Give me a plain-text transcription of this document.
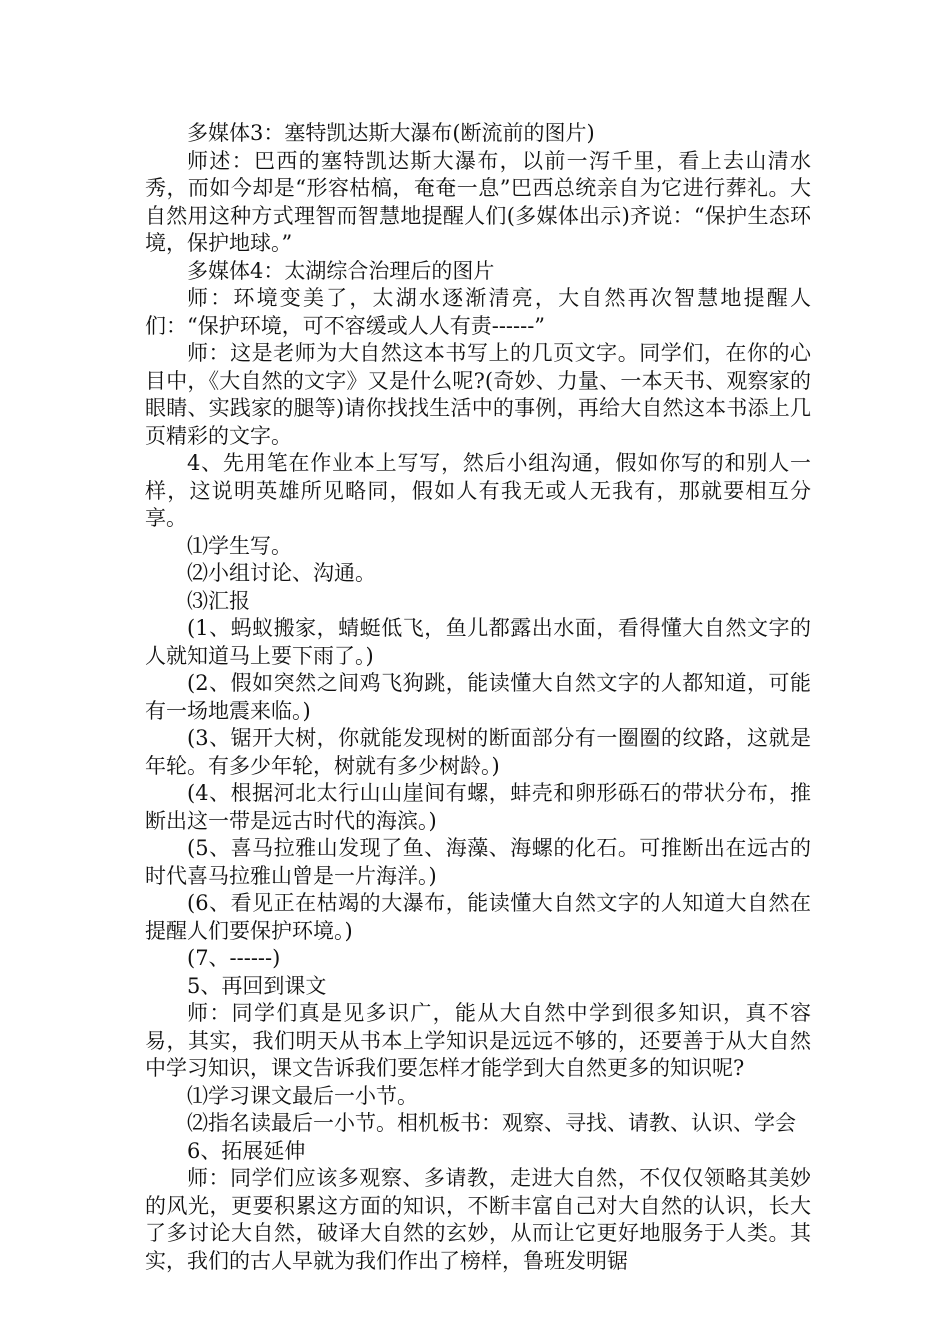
多媒体3：塞特凯达斯大瀑布(断流前的图片)

师述：巴西的塞特凯达斯大瀑布，以前一泻千里，看上去山清水秀，而如今却是“形容枯槁，奄奄一息”巴西总统亲自为它进行葬礼。大自然用这种方式理智而智慧地提醒人们(多媒体出示)齐说：“保护生态环境，保护地球。”

多媒体4：太湖综合治理后的图片

师：环境变美了，太湖水逐渐清亮，大自然再次智慧地提醒人们：“保护环境，可不容缓或人人有责------”

师：这是老师为大自然这本书写上的几页文字。同学们，在你的心目中，《大自然的文字》又是什么呢?(奇妙、力量、一本天书、观察家的眼睛、实践家的腿等)请你找找生活中的事例，再给大自然这本书添上几页精彩的文字。

4、先用笔在作业本上写写，然后小组沟通，假如你写的和别人一样，这说明英雄所见略同，假如人有我无或人无我有，那就要相互分享。

⑴学生写。

⑵小组讨论、沟通。

⑶汇报

(1、蚂蚁搬家，蜻蜓低飞，鱼儿都露出水面，看得懂大自然文字的人就知道马上要下雨了。)

(2、假如突然之间鸡飞狗跳，能读懂大自然文字的人都知道，可能有一场地震来临。)

(3、锯开大树，你就能发现树的断面部分有一圈圈的纹路，这就是年轮。有多少年轮，树就有多少树龄。)

(4、根据河北太行山山崖间有螺，蚌壳和卵形砾石的带状分布，推断出这一带是远古时代的海滨。)

(5、喜马拉雅山发现了鱼、海藻、海螺的化石。可推断出在远古的时代喜马拉雅山曾是一片海洋。)

(6、看见正在枯竭的大瀑布，能读懂大自然文字的人知道大自然在提醒人们要保护环境。)

(7、------)

5、再回到课文

师：同学们真是见多识广，能从大自然中学到很多知识，真不容易，其实，我们明天从书本上学知识是远远不够的，还要善于从大自然中学习知识，课文告诉我们要怎样才能学到大自然更多的知识呢?

⑴学习课文最后一小节。

⑵指名读最后一小节。相机板书：观察、寻找、请教、认识、学会

6、拓展延伸

师：同学们应该多观察、多请教，走进大自然，不仅仅领略其美妙的风光，更要积累这方面的知识，不断丰富自己对大自然的认识，长大了多讨论大自然，破译大自然的玄妙，从而让它更好地服务于人类。其实，我们的古人早就为我们作出了榜样，鲁班发明锯
